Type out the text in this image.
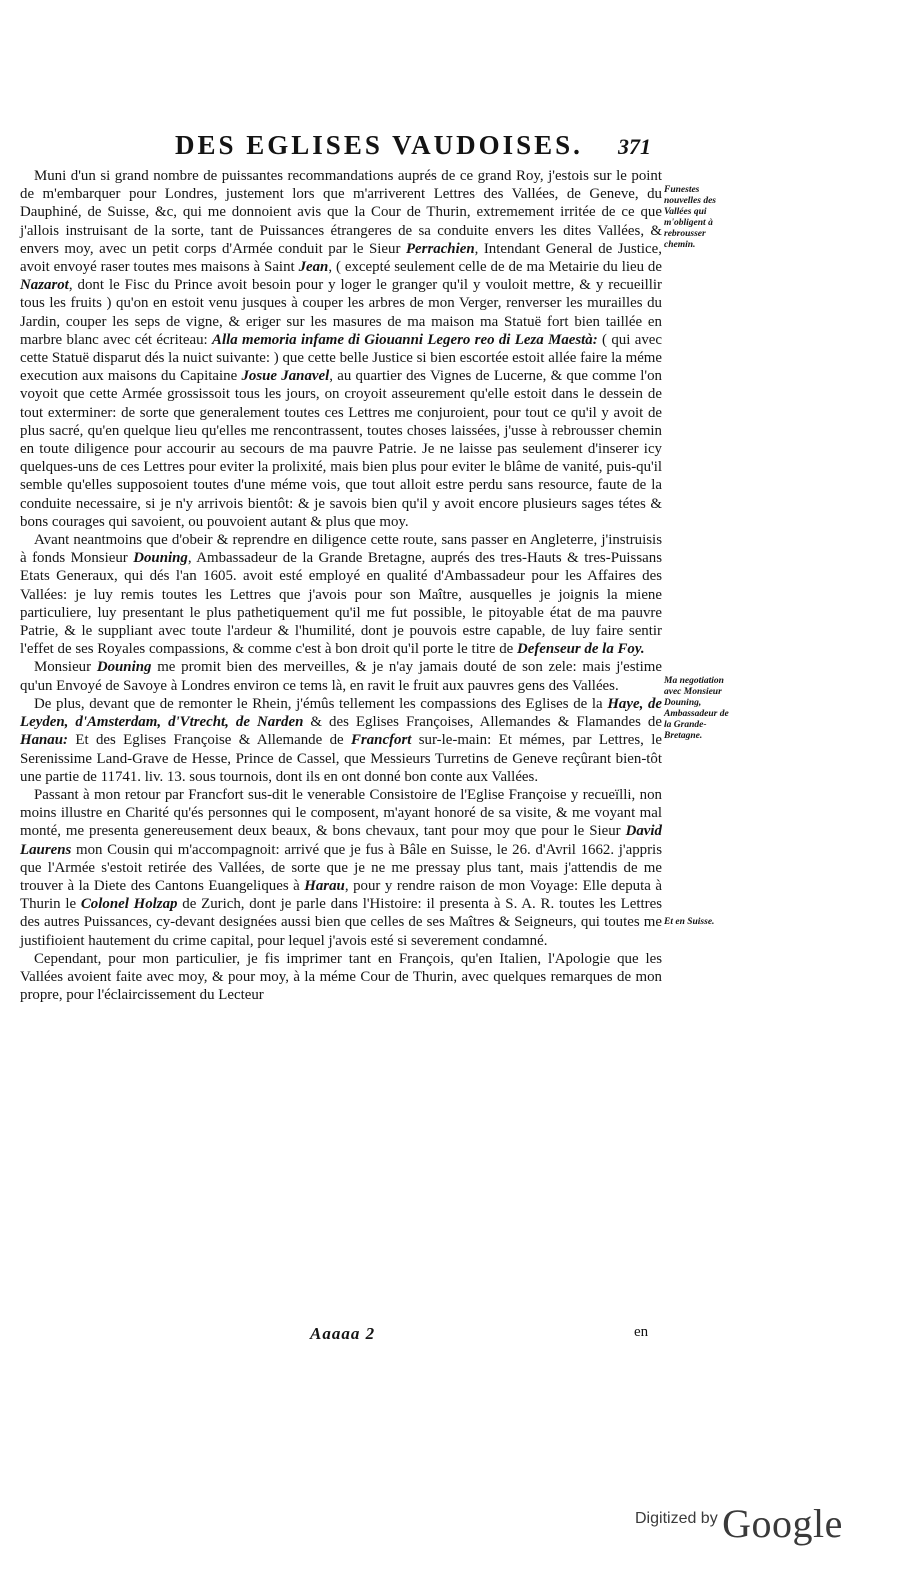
DES EGLISES VAUDOISES. 371

Muni d'un si grand nombre de puissantes recommandations auprés de ce grand Roy, j'estois sur le point de m'embarquer pour Londres, justement lors que m'arriverent Lettres des Vallées, de Geneve, du Dauphiné, de Suisse, &c, qui me donnoient avis que la Cour de Thurin, extremement irritée de ce que j'allois instruisant de la sorte, tant de Puissances étrangeres de sa conduite envers les dites Vallées, & envers moy, avec un petit corps d'Armée conduit par le Sieur Perrachien, Intendant General de Justice, avoit envoyé raser toutes mes maisons à Saint Jean, ( excepté seulement celle de de ma Metairie du lieu de Nazarot, dont le Fisc du Prince avoit besoin pour y loger le granger qu'il y vouloit mettre, & y recueillir tous les fruits ) qu'on en estoit venu jusques à couper les arbres de mon Verger, renverser les murailles du Jardin, couper les seps de vigne, & eriger sur les masures de ma maison ma Statuë fort bien taillée en marbre blanc avec cét écriteau: Alla memoria infame di Giouanni Legero reo di Leza Maestà: ( qui avec cette Statuë disparut dés la nuict suivante: ) que cette belle Justice si bien escortée estoit allée faire la méme execution aux maisons du Capitaine Josue Janavel, au quartier des Vignes de Lucerne, & que comme l'on voyoit que cette Armée grossissoit tous les jours, on croyoit asseurement qu'elle estoit dans le dessein de tout exterminer: de sorte que generalement toutes ces Lettres me conjuroient, pour tout ce qu'il y avoit de plus sacré, qu'en quelque lieu qu'elles me rencontrassent, toutes choses laissées, j'usse à rebrousser chemin en toute diligence pour accourir au secours de ma pauvre Patrie. Je ne laisse pas seulement d'inserer icy quelques-uns de ces Lettres pour eviter la prolixité, mais bien plus pour eviter le blâme de vanité, puis-qu'il semble qu'elles supposoient toutes d'une méme vois, que tout alloit estre perdu sans resource, faute de la conduite necessaire, si je n'y arrivois bientôt: & je savois bien qu'il y avoit encore plusieurs sages tétes & bons courages qui savoient, ou pouvoient autant & plus que moy.

Avant neantmoins que d'obeir & reprendre en diligence cette route, sans passer en Angleterre, j'instruisis à fonds Monsieur Douning, Ambassadeur de la Grande Bretagne, auprés des tres-Hauts & tres-Puissans Etats Generaux, qui dés l'an 1605. avoit esté employé en qualité d'Ambassadeur pour les Affaires des Vallées: je luy remis toutes les Lettres que j'avois pour son Maître, ausquelles je joignis la miene particuliere, luy presentant le plus pathetiquement qu'il me fut possible, le pitoyable état de ma pauvre Patrie, & le suppliant avec toute l'ardeur & l'humilité, dont je pouvois estre capable, de luy faire sentir l'effet de ses Royales compassions, & comme c'est à bon droit qu'il porte le titre de Defenseur de la Foy.

Monsieur Douning me promit bien des merveilles, & je n'ay jamais douté de son zele: mais j'estime qu'un Envoyé de Savoye à Londres environ ce tems là, en ravit le fruit aux pauvres gens des Vallées.

De plus, devant que de remonter le Rhein, j'émûs tellement les compassions des Eglises de la Haye, de Leyden, d'Amsterdam, d'Vtrecht, de Narden & des Eglises Françoises, Allemandes & Flamandes de Hanau: Et des Eglises Françoise & Allemande de Francfort sur-le-main: Et mémes, par Lettres, le Serenissime Land-Grave de Hesse, Prince de Cassel, que Messieurs Turretins de Geneve reçûrant bien-tôt une partie de 11741. liv. 13. sous tournois, dont ils en ont donné bon conte aux Vallées.

Passant à mon retour par Francfort sus-dit le venerable Consistoire de l'Eglise Françoise y recueïlli, non moins illustre en Charité qu'és personnes qui le composent, m'ayant honoré de sa visite, & me voyant mal monté, me presenta genereusement deux beaux, & bons chevaux, tant pour moy que pour le Sieur David Laurens mon Cousin qui m'accompagnoit: arrivé que je fus à Bâle en Suisse, le 26. d'Avril 1662. j'appris que l'Armée s'estoit retirée des Vallées, de sorte que je ne me pressay plus tant, mais j'attendis de me trouver à la Diete des Cantons Euangeliques à Harau, pour y rendre raison de mon Voyage: Elle deputa à Thurin le Colonel Holzap de Zurich, dont je parle dans l'Histoire: il presenta à S. A. R. toutes les Lettres des autres Puissances, cy-devant designées aussi bien que celles de ses Maîtres & Seigneurs, qui toutes me justifioient hautement du crime capital, pour lequel j'avois esté si severement condamné.

Cependant, pour mon particulier, je fis imprimer tant en François, qu'en Italien, l'Apologie que les Vallées avoient faite avec moy, & pour moy, à la méme Cour de Thurin, avec quelques remarques de mon propre, pour l'éclaircissement du Lecteur

Funestes nouvelles des Vallées qui m'obligent à rebrousser chemin.
Ma negotiation avec Monsieur Douning, Ambassadeur de la Grande-Bretagne.
Et en Suisse.
Aaaaa 2	en
Digitized by Google
